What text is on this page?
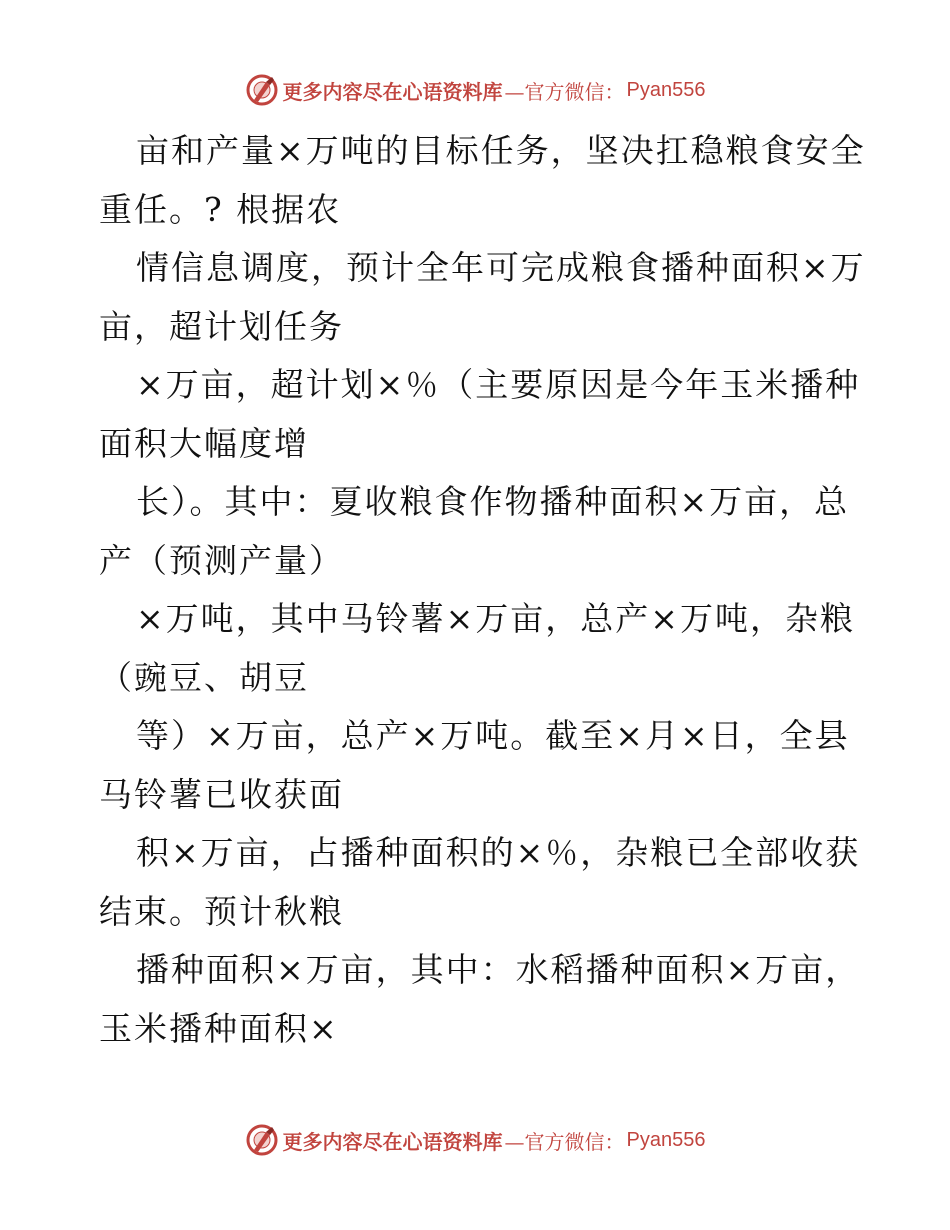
更多内容尽在心语资料库 —官方微信： Pyan556
亩和产量×万吨的目标任务，坚决扛稳粮食安全
重任。? 根据农
情信息调度，预计全年可完成粮食播种面积×万
亩，超计划任务
×万亩，超计划×％（主要原因是今年玉米播种
面积大幅度增
长）。其中：夏收粮食作物播种面积×万亩，总
产（预测产量）
×万吨，其中马铃薯×万亩，总产×万吨，杂粮
（豌豆、胡豆
等）×万亩，总产×万吨。截至×月×日，全县
马铃薯已收获面
积×万亩，占播种面积的×％，杂粮已全部收获
结束。预计秋粮
播种面积×万亩，其中：水稻播种面积×万亩，
玉米播种面积×
更多内容尽在心语资料库 —官方微信： Pyan556
